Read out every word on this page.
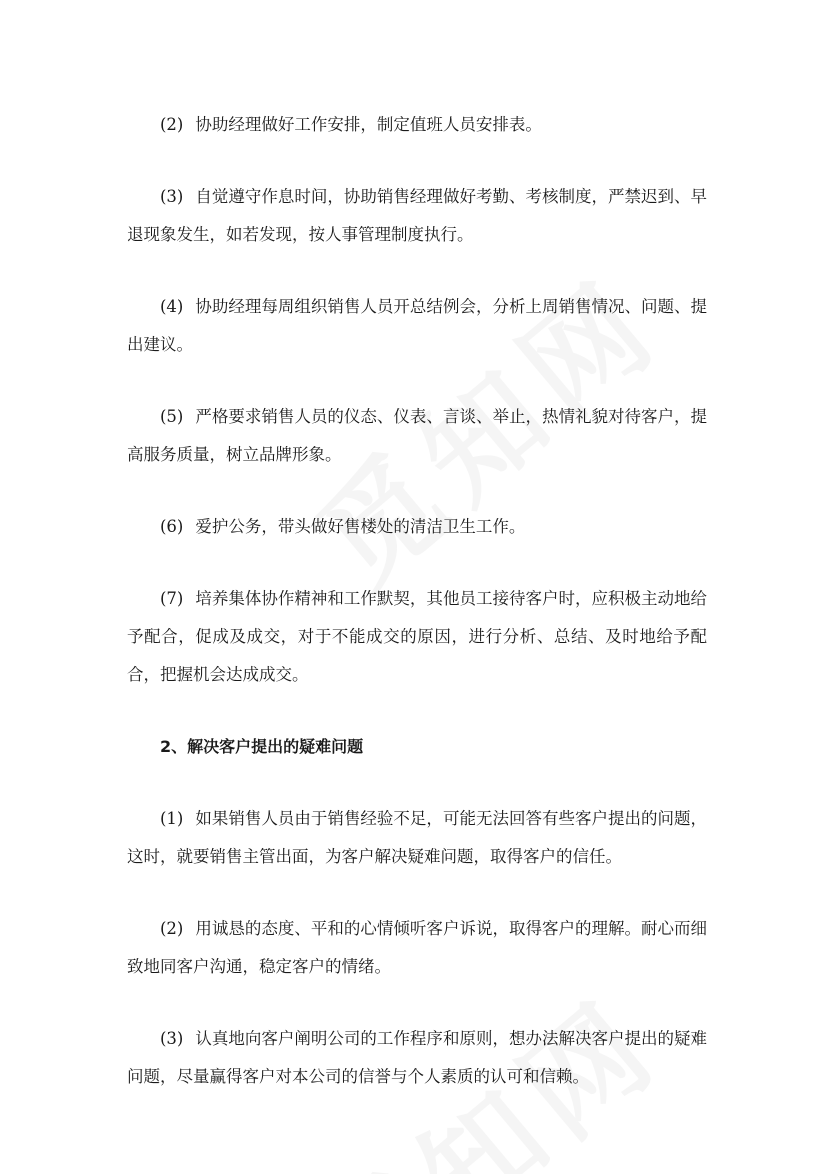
(2) 协助经理做好工作安排，制定值班人员安排表。

(3) 自觉遵守作息时间，协助销售经理做好考勤、考核制度，严禁迟到、早退现象发生，如若发现，按人事管理制度执行。

(4) 协助经理每周组织销售人员开总结例会，分析上周销售情况、问题、提出建议。

(5) 严格要求销售人员的仪态、仪表、言谈、举止，热情礼貌对待客户，提高服务质量，树立品牌形象。

(6) 爱护公务，带头做好售楼处的清洁卫生工作。

(7) 培养集体协作精神和工作默契，其他员工接待客户时，应积极主动地给予配合，促成及成交，对于不能成交的原因，进行分析、总结、及时地给予配合，把握机会达成成交。

2、解决客户提出的疑难问题

(1) 如果销售人员由于销售经验不足，可能无法回答有些客户提出的问题，这时，就要销售主管出面，为客户解决疑难问题，取得客户的信任。

(2) 用诚恳的态度、平和的心情倾听客户诉说，取得客户的理解。耐心而细致地同客户沟通，稳定客户的情绪。

(3) 认真地向客户阐明公司的工作程序和原则，想办法解决客户提出的疑难问题，尽量赢得客户对本公司的信誉与个人素质的认可和信赖。
